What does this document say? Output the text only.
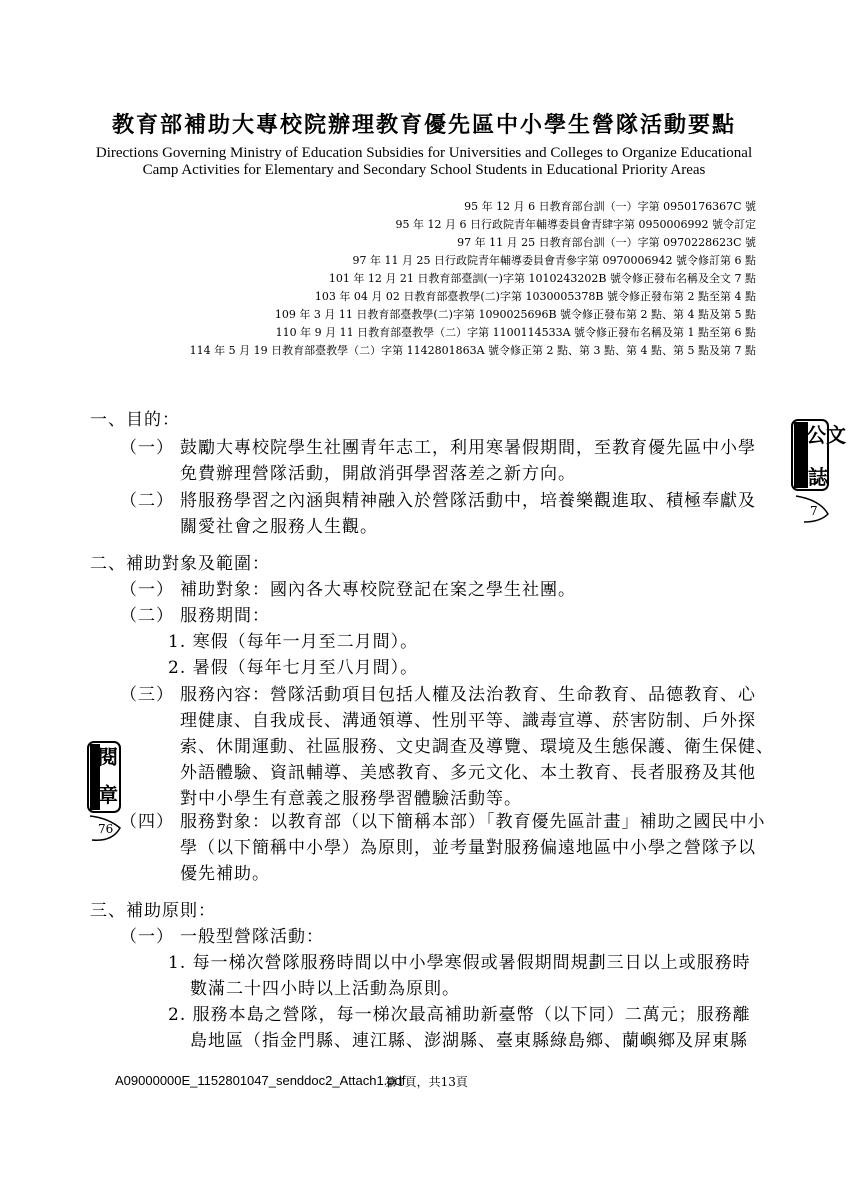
教育部補助大專校院辦理教育優先區中小學生營隊活動要點
Directions Governing Ministry of Education Subsidies for Universities and Colleges to Organize Educational Camp Activities for Elementary and Secondary School Students in Educational Priority Areas
95 年 12 月 6 日教育部台訓（一）字第 0950176367C 號
95 年 12 月 6 日行政院青年輔導委員會青肆字第 0950006992 號令訂定
97 年 11 月 25 日教育部台訓（一）字第 0970228623C 號
97 年 11 月 25 日行政院青年輔導委員會青參字第 0970006942 號令修訂第 6 點
101 年 12 月 21 日教育部臺訓(一)字第 1010243202B 號令修正發布名稱及全文 7 點
103 年 04 月 02 日教育部臺教學(二)字第 1030005378B 號令修正發布第 2 點至第 4 點
109 年 3 月 11 日教育部臺教學(二)字第 1090025696B 號令修正發布第 2 點、第 4 點及第 5 點
110 年 9 月 11 日教育部臺教學（二）字第 1100114533A 號令修正發布名稱及第 1 點至第 6 點
114 年 5 月 19 日教育部臺教學（二）字第 1142801863A 號令修正第 2 點、第 3 點、第 4 點、第 5 點及第 7 點
一、目的：
（一） 鼓勵大專校院學生社團青年志工，利用寒暑假期間，至教育優先區中小學
免費辦理營隊活動，開啟消弭學習落差之新方向。
（二） 將服務學習之內涵與精神融入於營隊活動中，培養樂觀進取、積極奉獻及
關愛社會之服務人生觀。
二、補助對象及範圍：
（一） 補助對象：國內各大專校院登記在案之學生社團。
（二） 服務期間：
1. 寒假（每年一月至二月間）。
2. 暑假（每年七月至八月間）。
（三） 服務內容：營隊活動項目包括人權及法治教育、生命教育、品德教育、心
理健康、自我成長、溝通領導、性別平等、識毒宣導、菸害防制、戶外探
索、休閒運動、社區服務、文史調查及導覽、環境及生態保護、衛生保健、
外語體驗、資訊輔導、美感教育、多元文化、本土教育、長者服務及其他
對中小學生有意義之服務學習體驗活動等。
（四） 服務對象：以教育部（以下簡稱本部）「教育優先區計畫」補助之國民中小
學（以下簡稱中小學）為原則，並考量對服務偏遠地區中小學之營隊予以
優先補助。
三、補助原則：
（一） 一般型營隊活動：
1. 每一梯次營隊服務時間以中小學寒假或暑假期間規劃三日以上或服務時
數滿二十四小時以上活動為原則。
2. 服務本島之營隊，每一梯次最高補助新臺幣（以下同）二萬元；服務離
島地區（指金門縣、連江縣、澎湖縣、臺東縣綠島鄉、蘭嶼鄉及屏東縣
公文
誌
7
閱
章
76
A09000000E_1152801047_senddoc2_Attach1.pdf
第1頁，共13頁
